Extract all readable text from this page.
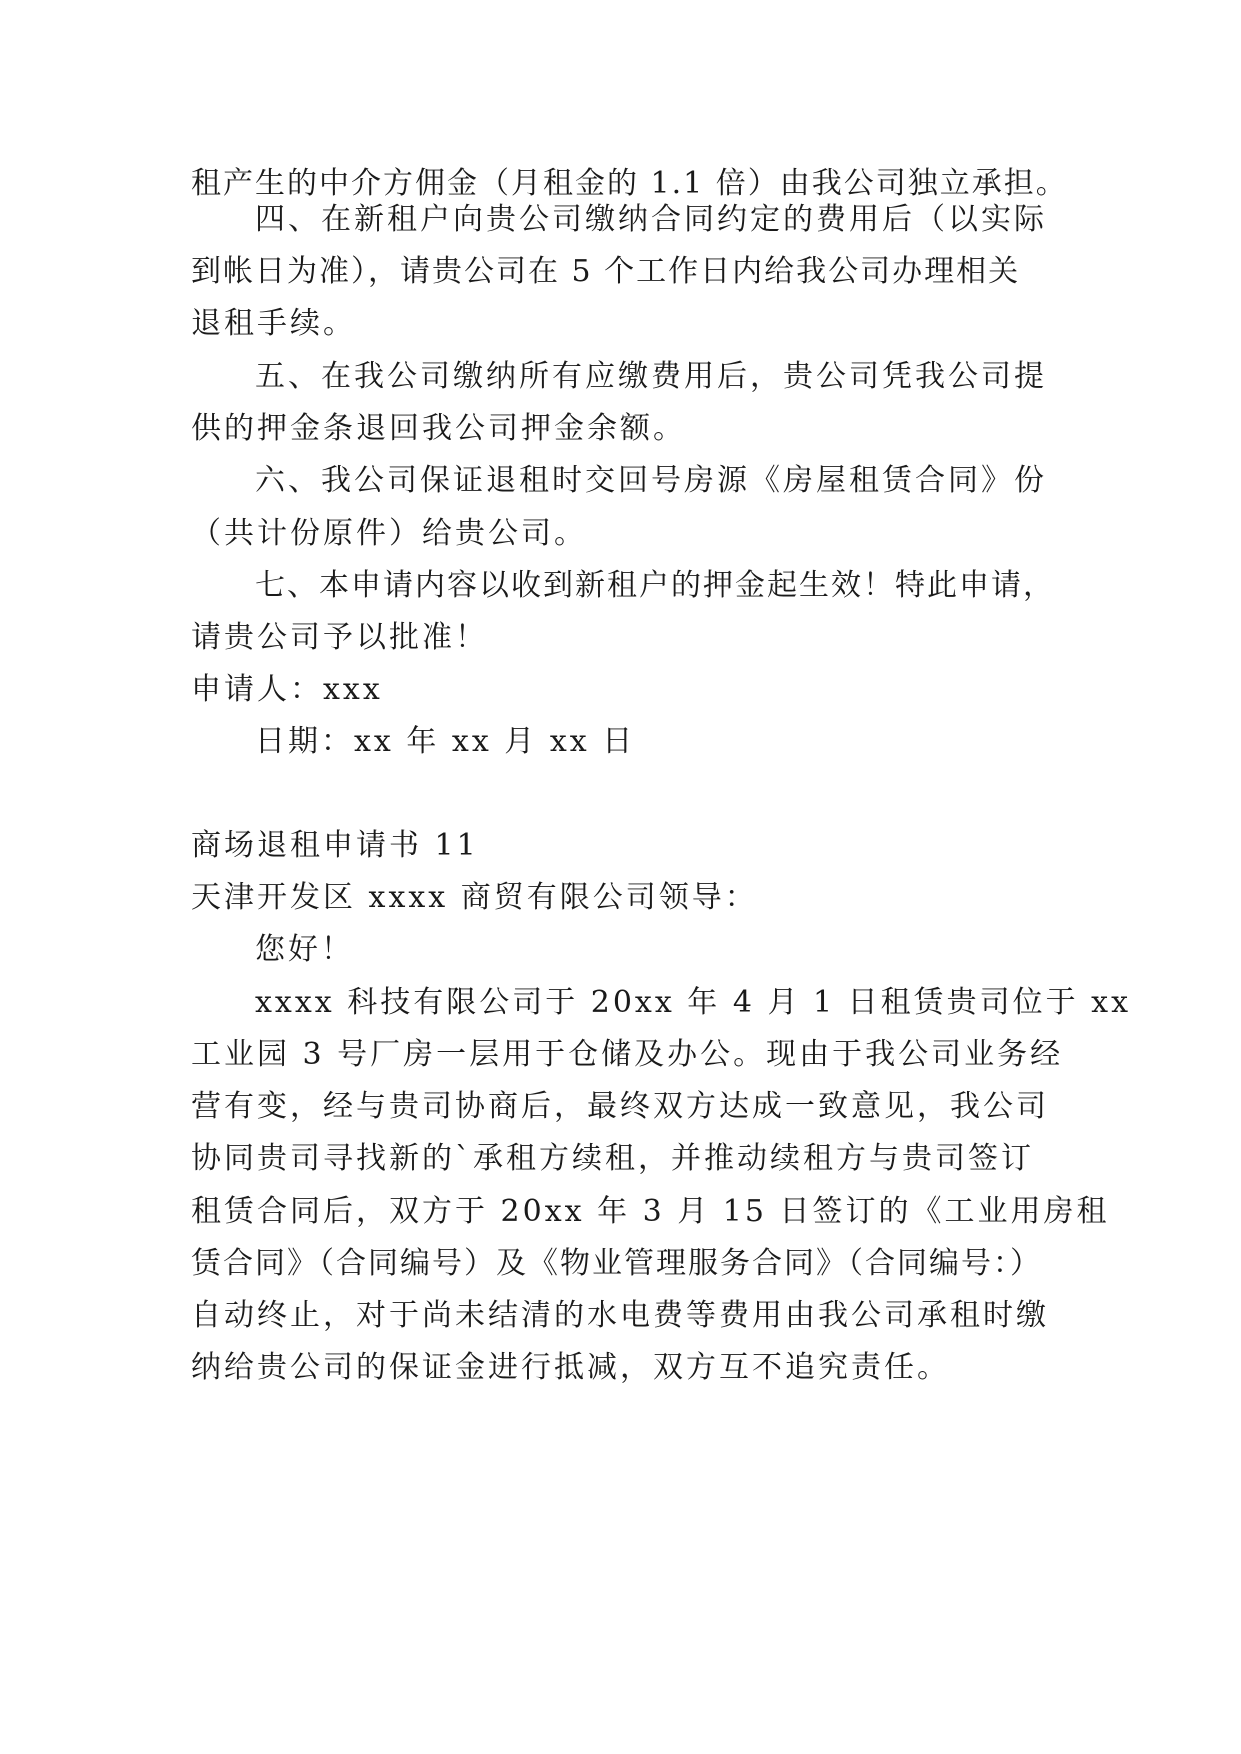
租产生的中介方佣金（月租金的 1.1 倍）由我公司独立承担。
四、在新租户向贵公司缴纳合同约定的费用后（以实际
到帐日为准），请贵公司在 5 个工作日内给我公司办理相关
退租手续。
五、在我公司缴纳所有应缴费用后，贵公司凭我公司提
供的押金条退回我公司押金余额。
六、我公司保证退租时交回号房源《房屋租赁合同》份
（共计份原件）给贵公司。
七、本申请内容以收到新租户的押金起生效！特此申请，
请贵公司予以批准！
申请人：xxx
日期：xx 年 xx 月 xx 日
商场退租申请书 11
天津开发区 xxxx 商贸有限公司领导：
您好！
xxxx 科技有限公司于 20xx 年 4 月 1 日租赁贵司位于 xx
工业园 3 号厂房一层用于仓储及办公。现由于我公司业务经
营有变，经与贵司协商后，最终双方达成一致意见，我公司
协同贵司寻找新的`承租方续租，并推动续租方与贵司签订
租赁合同后，双方于 20xx 年 3 月 15 日签订的《工业用房租
赁合同》（合同编号）及《物业管理服务合同》（合同编号：）
自动终止，对于尚未结清的水电费等费用由我公司承租时缴
纳给贵公司的保证金进行抵减，双方互不追究责任。
